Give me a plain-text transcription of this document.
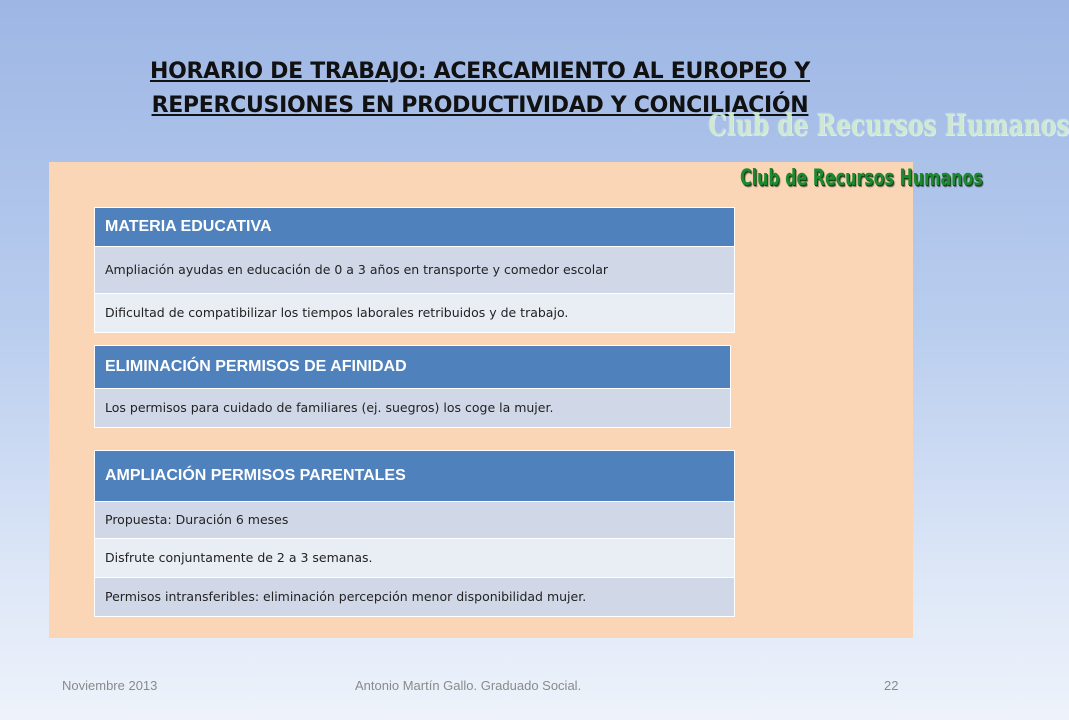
HORARIO DE TRABAJO: ACERCAMIENTO AL EUROPEO Y
REPERCUSIONES EN PRODUCTIVIDAD Y CONCILIACIÓN
Club de Recursos Humanos
Club de Recursos Humanos
MATERIA EDUCATIVA
Ampliación ayudas en educación de 0 a 3 años en transporte y comedor escolar
Dificultad de compatibilizar los tiempos laborales retribuidos y de trabajo.
ELIMINACIÓN PERMISOS DE AFINIDAD
Los permisos para cuidado de familiares (ej. suegros) los coge la mujer.
AMPLIACIÓN PERMISOS PARENTALES
Propuesta: Duración 6 meses
Disfrute conjuntamente de 2 a 3 semanas.
Permisos intransferibles: eliminación percepción menor disponibilidad mujer.
Noviembre 2013	Antonio Martín Gallo. Graduado Social.	22
